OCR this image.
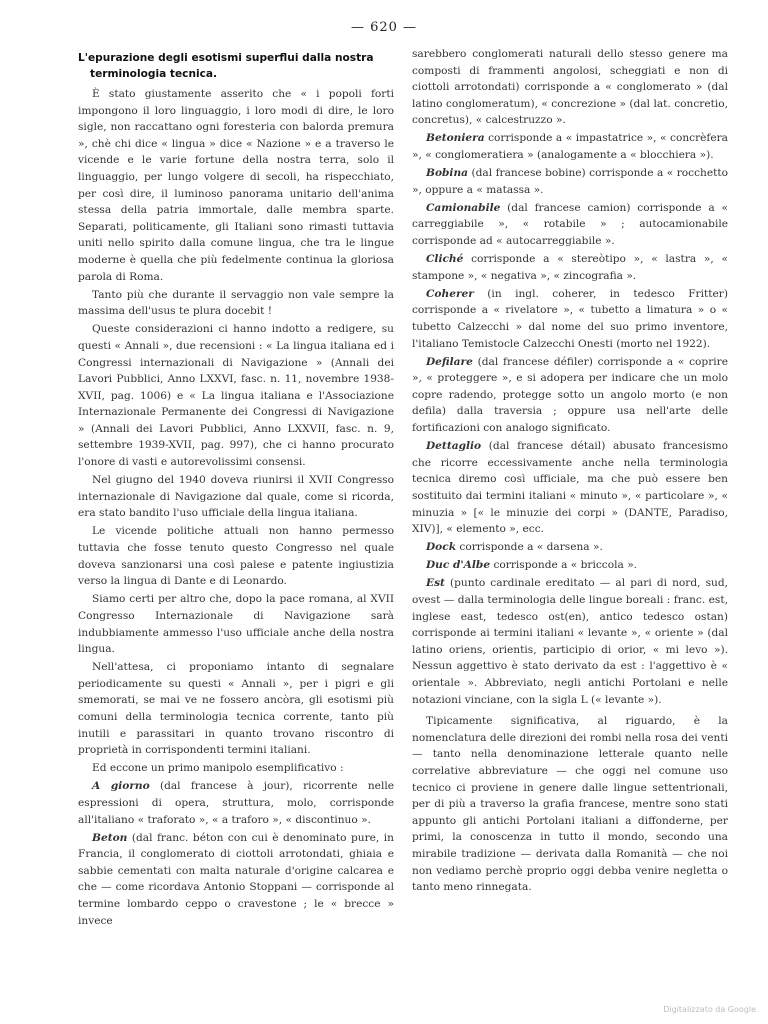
— 620 —
L'epurazione degli esotismi superflui dalla nostra
terminologia tecnica.

È stato giustamente asserito che « i popoli forti impongono il loro linguaggio, i loro modi di dire, le loro sigle, non raccattano ogni foresteria con balorda premura », chè chi dice « lingua » dice « Nazione » e a traverso le vicende e le varie fortune della nostra terra, solo il linguaggio, per lungo volgere di secoli, ha rispecchiato, per così dire, il luminoso panorama unitario dell'anima stessa della patria immortale, dalle membra sparte. Separati, politicamente, gli Italiani sono rimasti tuttavia uniti nello spirito dalla comune lingua, che tra le lingue moderne è quella che più fedelmente continua la gloriosa parola di Roma.

Tanto più che durante il servaggio non vale sempre la massima dell'usus te plura docebit !

Queste considerazioni ci hanno indotto a redigere, su questi « Annali », due recensioni : « La lingua italiana ed i Congressi internazionali di Navigazione » (Annali dei Lavori Pubblici, Anno LXXVI, fasc. n. 11, novembre 1938-XVII, pag. 1006) e « La lingua italiana e l'Associazione Internazionale Permanente dei Congressi di Navigazione » (Annali dei Lavori Pubblici, Anno LXXVII, fasc. n. 9, settembre 1939-XVII, pag. 997), che ci hanno procurato l'onore di vasti e autorevolissimi consensi.

Nel giugno del 1940 doveva riunirsi il XVII Congresso internazionale di Navigazione dal quale, come si ricorda, era stato bandito l'uso ufficiale della lingua italiana.

Le vicende politiche attuali non hanno permesso tuttavia che fosse tenuto questo Congresso nel quale doveva sanzionarsi una così palese e patente ingiustizia verso la lingua di Dante e di Leonardo.

Siamo certi per altro che, dopo la pace romana, al XVII Congresso Internazionale di Navigazione sarà indubbiamente ammesso l'uso ufficiale anche della nostra lingua.

Nell'attesa, ci proponiamo intanto di segnalare periodicamente su questi « Annali », per i pigri e gli smemorati, se mai ve ne fossero ancòra, gli esotismi più comuni della terminologia tecnica corrente, tanto più inutili e parassitari in quanto trovano riscontro di proprietà in corrispondenti termini italiani.

Ed eccone un primo manipolo esemplificativo :

A giorno (dal francese à jour), ricorrente nelle espressioni di opera, struttura, molo, corrisponde all'italiano « traforato », « a traforo », « discontinuo ».

Beton (dal franc. béton con cui è denominato pure, in Francia, il conglomerato di ciottoli arrotondati, ghiaia e sabbie cementati con malta naturale d'origine calcarea e che — come ricordava Antonio Stoppani — corrisponde al termine lombardo ceppo o cravestone ; le « brecce » invece

sarebbero conglomerati naturali dello stesso genere ma composti di frammenti angolosi, scheggiati e non di ciottoli arrotondati) corrisponde a « conglomerato » (dal latino conglomeratum), « concrezione » (dal lat. concretio, concretus), « calcestruzzo ».

Betoniera corrisponde a « impastatrice », « concrèfera », « conglomeratiera » (analogamente a « blocchiera »).

Bobina (dal francese bobine) corrisponde a « rocchetto », oppure a « matassa ».

Camionabile (dal francese camion) corrisponde a « carreggiabile », « rotabile » ; autocamionabile corrisponde ad « autocarreggiabile ».

Cliché corrisponde a « stereòtipo », « lastra », « stampone », « negativa », « zincografia ».

Coherer (in ingl. coherer, in tedesco Fritter) corrisponde a « rivelatore », « tubetto a limatura » o « tubetto Calzecchi » dal nome del suo primo inventore, l'italiano Temistocle Calzecchi Onesti (morto nel 1922).

Defilare (dal francese défiler) corrisponde a « coprire », « proteggere », e si adopera per indicare che un molo copre radendo, protegge sotto un angolo morto (e non defila) dalla traversia ; oppure usa nell'arte delle fortificazioni con analogo significato.

Dettaglio (dal francese détail) abusato francesismo che ricorre eccessivamente anche nella terminologia tecnica diremo così ufficiale, ma che può essere ben sostituito dai termini italiani « minuto », « particolare », « minuzia » [« le minuzie dei corpi » (DANTE, Paradiso, XIV)], « elemento », ecc.

Dock corrisponde a « darsena ».

Duc d'Albe corrisponde a « briccola ».

Est (punto cardinale ereditato — al pari di nord, sud, ovest — dalla terminologia delle lingue boreali : franc. est, inglese east, tedesco ost(en), antico tedesco ostan) corrisponde ai termini italiani « levante », « oriente » (dal latino oriens, orientis, participio di orior, « mi levo »). Nessun aggettivo è stato derivato da est : l'aggettivo è « orientale ». Abbreviato, negli antichi Portolani e nelle notazioni vinciane, con la sigla L (« levante »).

Tipicamente significativa, al riguardo, è la nomenclatura delle direzioni dei rombi nella rosa dei venti — tanto nella denominazione letterale quanto nelle correlative abbreviature — che oggi nel comune uso tecnico ci proviene in genere dalle lingue settentrionali, per di più a traverso la grafia francese, mentre sono stati appunto gli antichi Portolani italiani a diffonderne, per primi, la conoscenza in tutto il mondo, secondo una mirabile tradizione — derivata dalla Romanità — che noi non vediamo perchè proprio oggi debba venire negletta o tanto meno rinnegata.

Digitalizzato da Google
